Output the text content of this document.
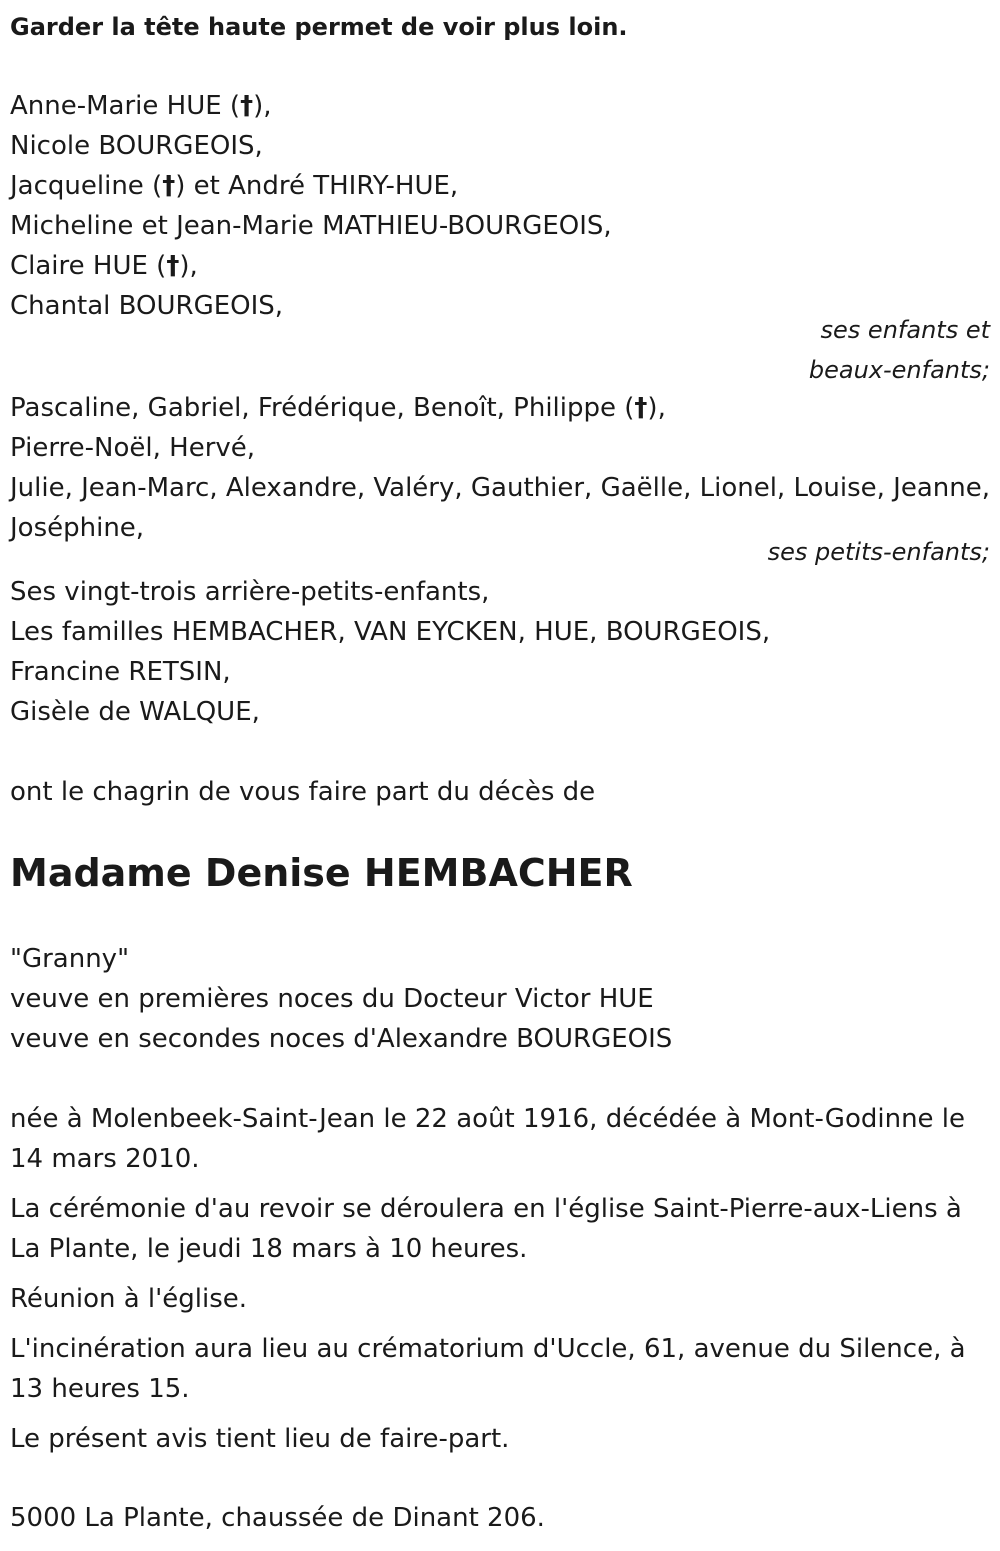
Garder la tête haute permet de voir plus loin.
Anne-Marie HUE (†),
Nicole BOURGEOIS,
Jacqueline (†) et André THIRY-HUE,
Micheline et Jean-Marie MATHIEU-BOURGEOIS,
Claire HUE (†),
Chantal BOURGEOIS,
ses enfants et
beaux-enfants;
Pascaline, Gabriel, Frédérique, Benoît, Philippe (†),
Pierre-Noël, Hervé,
Julie, Jean-Marc, Alexandre, Valéry, Gauthier, Gaëlle, Lionel, Louise, Jeanne,
Joséphine,
ses petits-enfants;
Ses vingt-trois arrière-petits-enfants,
Les familles HEMBACHER, VAN EYCKEN, HUE, BOURGEOIS,
Francine RETSIN,
Gisèle de WALQUE,
ont le chagrin de vous faire part du décès de
Madame Denise HEMBACHER
"Granny"
veuve en premières noces du Docteur Victor HUE
veuve en secondes noces d'Alexandre BOURGEOIS

née à Molenbeek-Saint-Jean le 22 août 1916, décédée à Mont-Godinne le 14 mars 2010.

La cérémonie d'au revoir se déroulera en l'église Saint-Pierre-aux-Liens à La Plante, le jeudi 18 mars à 10 heures.

Réunion à l'église.

L'incinération aura lieu au crématorium d'Uccle, 61, avenue du Silence, à 13 heures 15.

Le présent avis tient lieu de faire-part.

5000 La Plante, chaussée de Dinant 206.
